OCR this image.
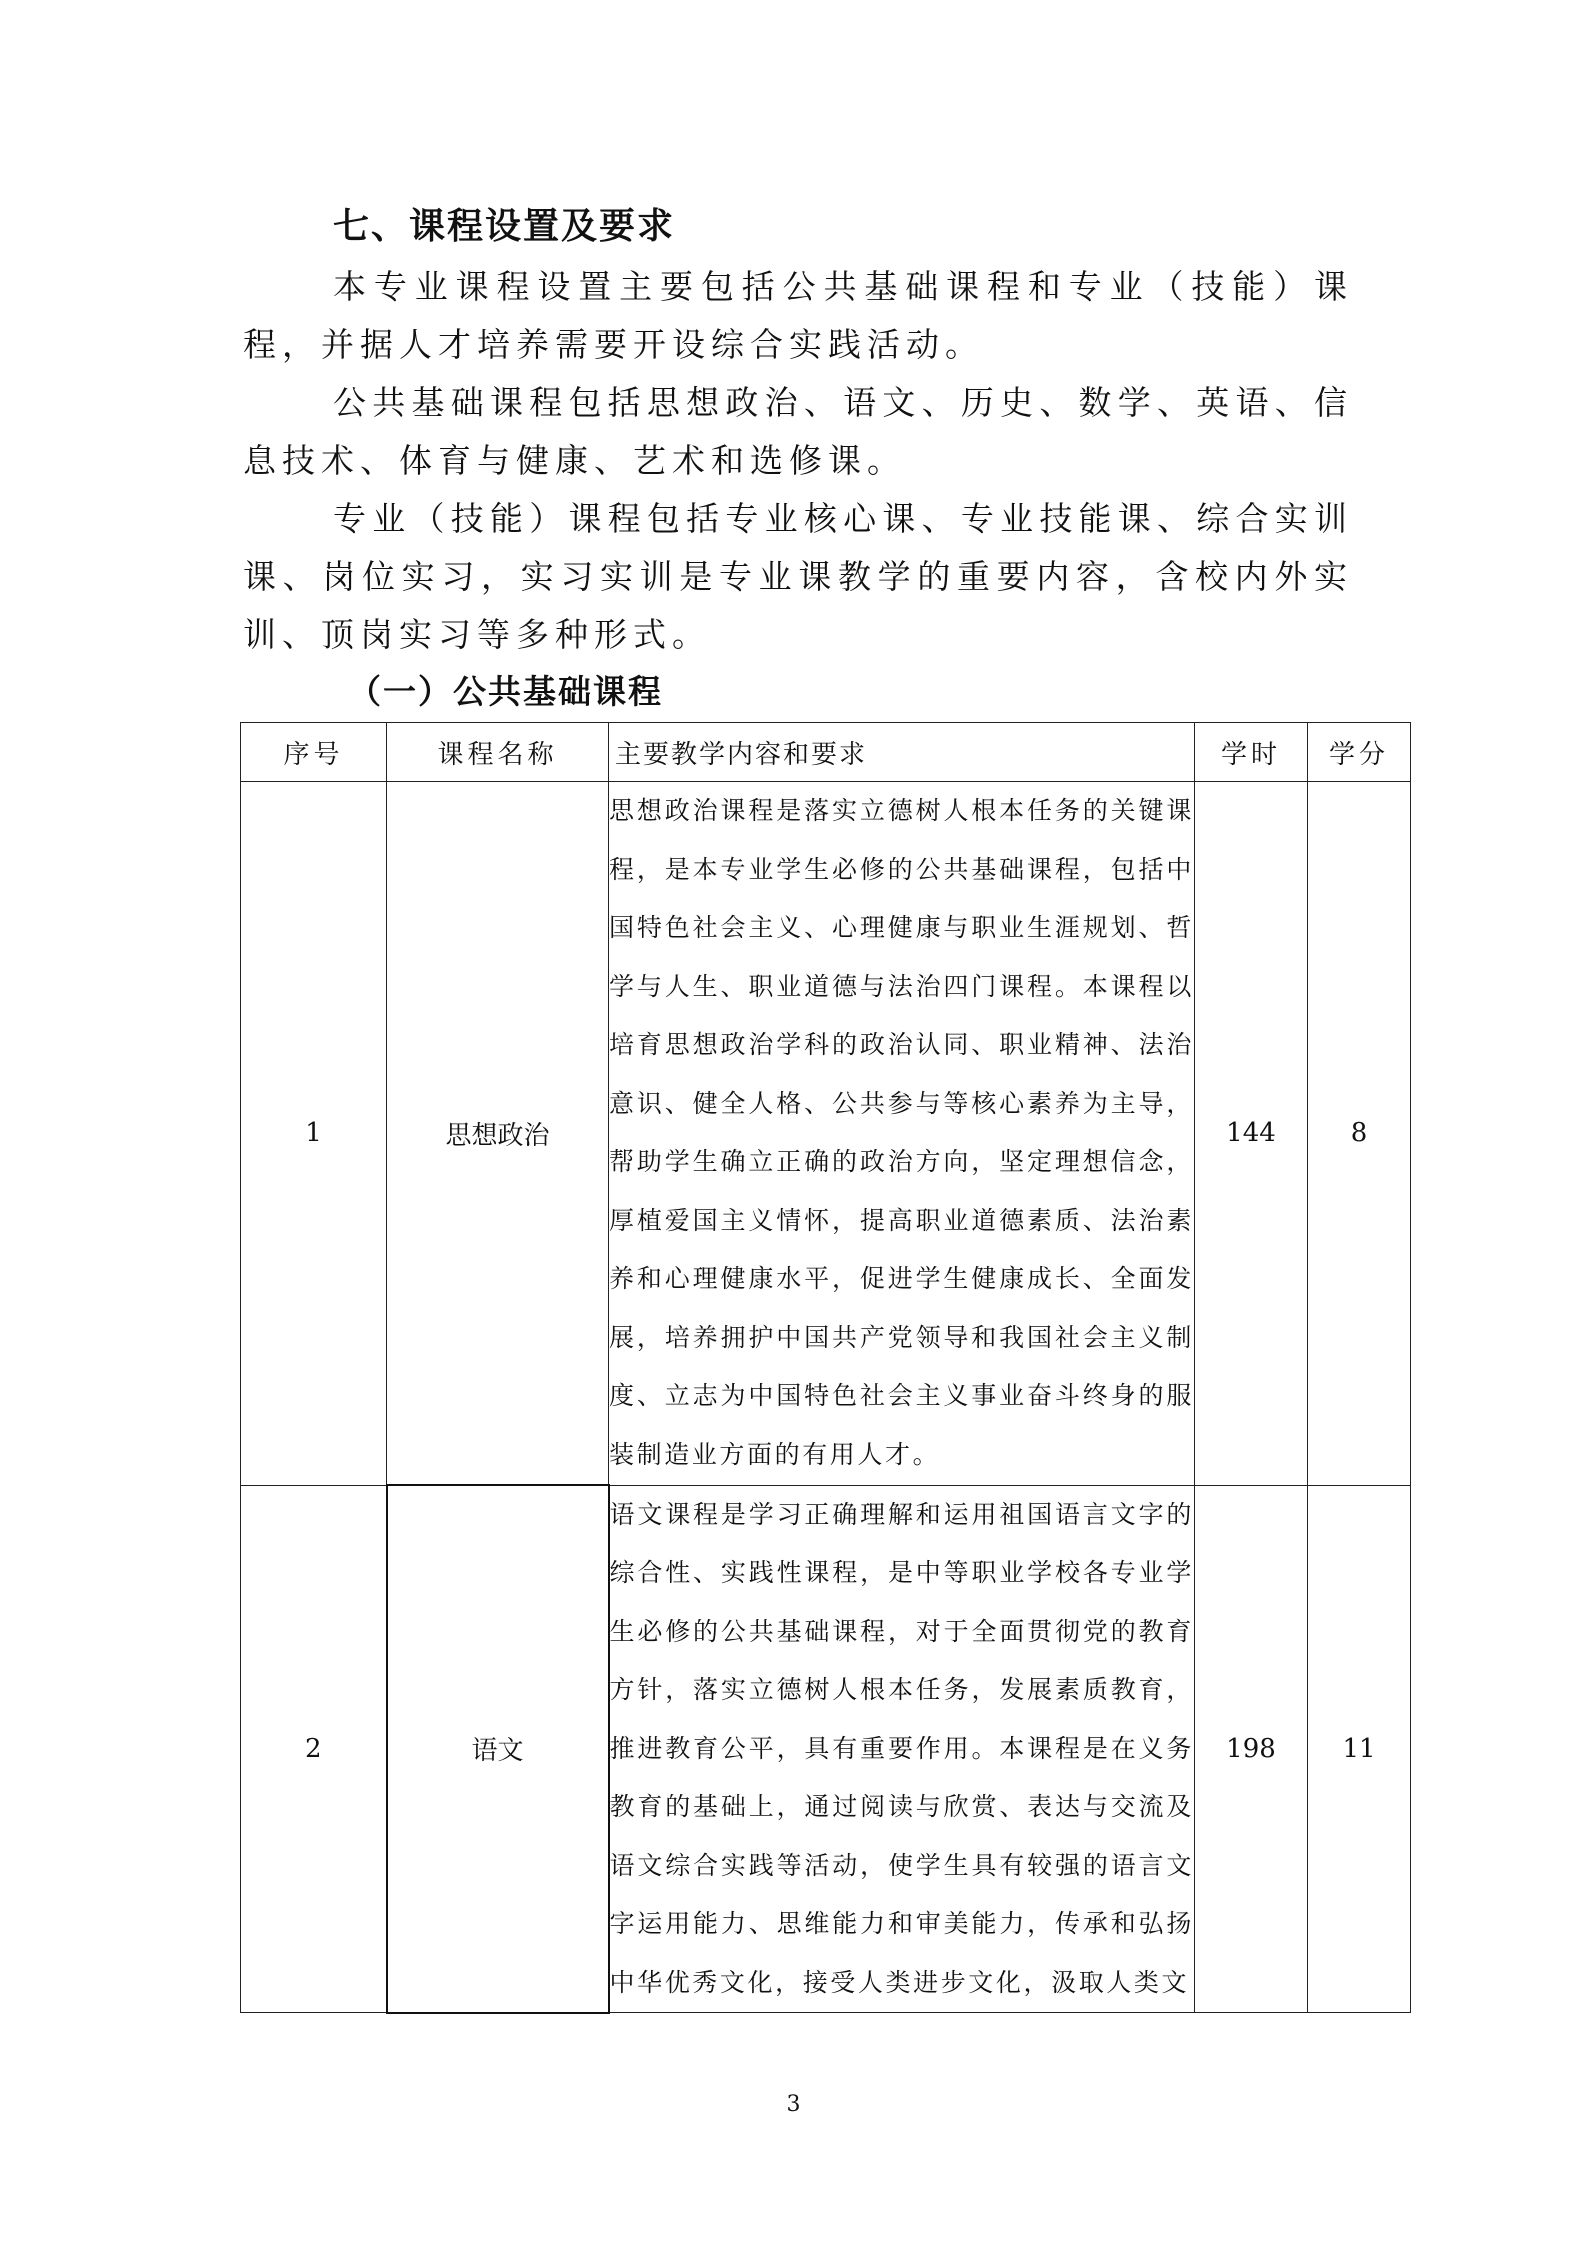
七、课程设置及要求

本专业课程设置主要包括公共基础课程和专业（技能）课程，并据人才培养需要开设综合实践活动。

公共基础课程包括思想政治、语文、历史、数学、英语、信息技术、体育与健康、艺术和选修课。

专业（技能）课程包括专业核心课、专业技能课、综合实训课、岗位实习，实习实训是专业课教学的重要内容，含校内外实训、顶岗实习等多种形式。

（一）公共基础课程
序号	课程名称	主要教学内容和要求	学时	学分
1	思想政治	思想政治课程是落实立德树人根本任务的关键课程，是本专业学生必修的公共基础课程，包括中国特色社会主义、心理健康与职业生涯规划、哲学与人生、职业道德与法治四门课程。本课程以培育思想政治学科的政治认同、职业精神、法治意识、健全人格、公共参与等核心素养为主导，帮助学生确立正确的政治方向，坚定理想信念，厚植爱国主义情怀，提高职业道德素质、法治素养和心理健康水平，促进学生健康成长、全面发展，培养拥护中国共产党领导和我国社会主义制度、立志为中国特色社会主义事业奋斗终身的服装制造业方面的有用人才。	144	8
2	语文	语文课程是学习正确理解和运用祖国语言文字的综合性、实践性课程，是中等职业学校各专业学生必修的公共基础课程，对于全面贯彻党的教育方针，落实立德树人根本任务，发展素质教育，推进教育公平，具有重要作用。本课程是在义务教育的基础上，通过阅读与欣赏、表达与交流及语文综合实践等活动，使学生具有较强的语言文字运用能力、思维能力和审美能力，传承和弘扬中华优秀文化，接受人类进步文化，汲取人类文	198	11

3
